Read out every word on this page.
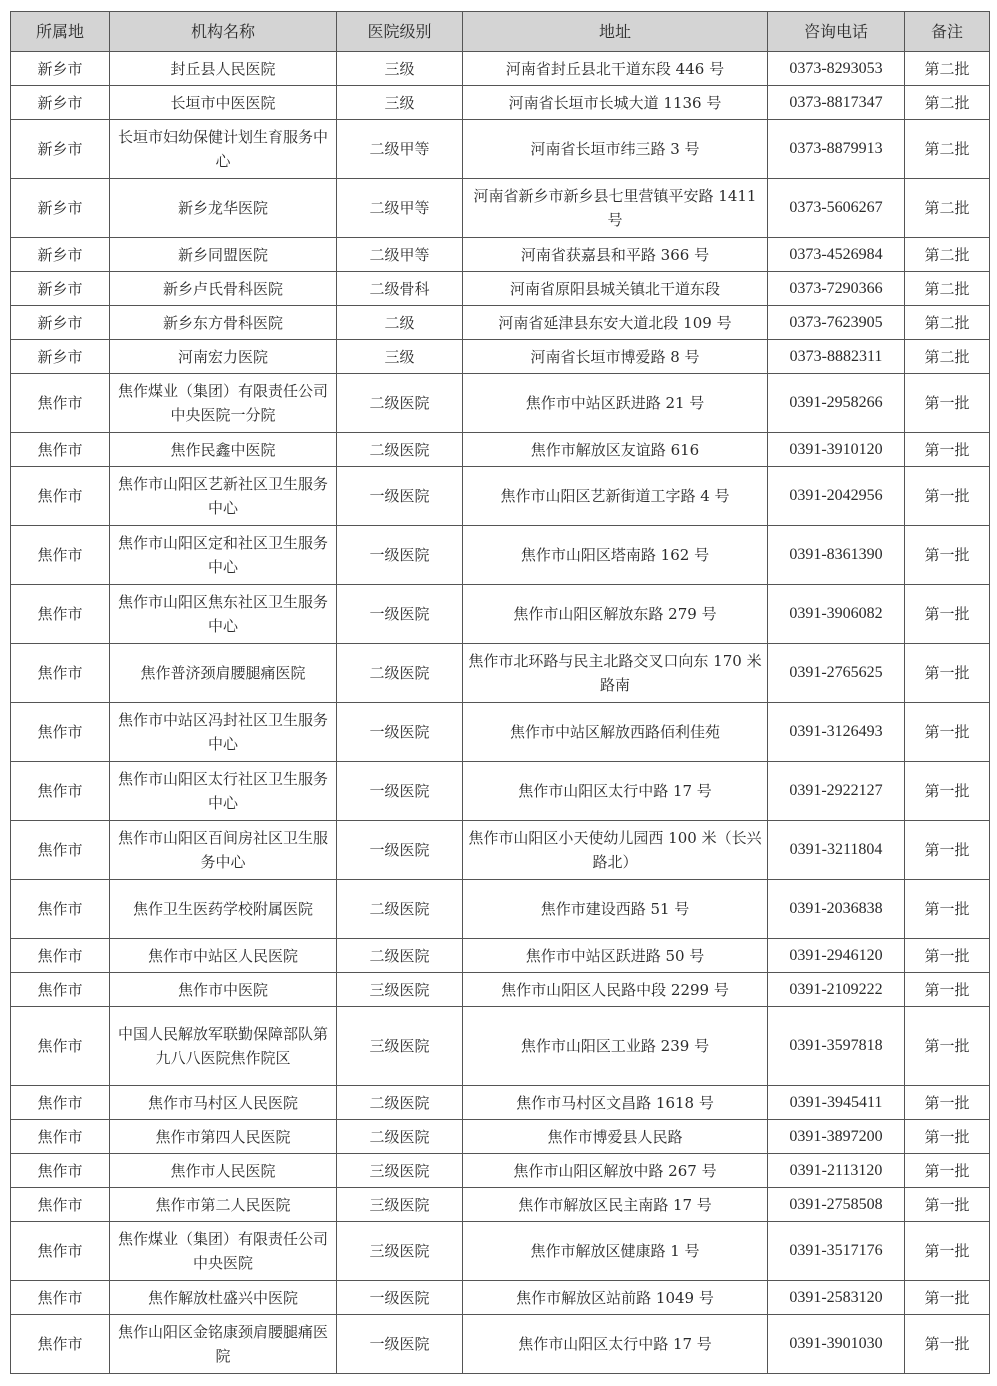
所属地	机构名称	医院级别	地址	咨询电话	备注
新乡市	封丘县人民医院	三级	河南省封丘县北干道东段 446 号	0373-8293053	第二批
新乡市	长垣市中医医院	三级	河南省长垣市长城大道 1136 号	0373-8817347	第二批
新乡市	长垣市妇幼保健计划生育服务中心	二级甲等	河南省长垣市纬三路 3 号	0373-8879913	第二批
新乡市	新乡龙华医院	二级甲等	河南省新乡市新乡县七里营镇平安路 1411 号	0373-5606267	第二批
新乡市	新乡同盟医院	二级甲等	河南省获嘉县和平路 366 号	0373-4526984	第二批
新乡市	新乡卢氏骨科医院	二级骨科	河南省原阳县城关镇北干道东段	0373-7290366	第二批
新乡市	新乡东方骨科医院	二级	河南省延津县东安大道北段 109 号	0373-7623905	第二批
新乡市	河南宏力医院	三级	河南省长垣市博爱路 8 号	0373-8882311	第二批
焦作市	焦作煤业（集团）有限责任公司中央医院一分院	二级医院	焦作市中站区跃进路 21 号	0391-2958266	第一批
焦作市	焦作民鑫中医院	二级医院	焦作市解放区友谊路 616	0391-3910120	第一批
焦作市	焦作市山阳区艺新社区卫生服务中心	一级医院	焦作市山阳区艺新街道工字路 4 号	0391-2042956	第一批
焦作市	焦作市山阳区定和社区卫生服务中心	一级医院	焦作市山阳区塔南路 162 号	0391-8361390	第一批
焦作市	焦作市山阳区焦东社区卫生服务中心	一级医院	焦作市山阳区解放东路 279 号	0391-3906082	第一批
焦作市	焦作普济颈肩腰腿痛医院	二级医院	焦作市北环路与民主北路交叉口向东 170 米路南	0391-2765625	第一批
焦作市	焦作市中站区冯封社区卫生服务中心	一级医院	焦作市中站区解放西路佰利佳苑	0391-3126493	第一批
焦作市	焦作市山阳区太行社区卫生服务中心	一级医院	焦作市山阳区太行中路 17 号	0391-2922127	第一批
焦作市	焦作市山阳区百间房社区卫生服务中心	一级医院	焦作市山阳区小天使幼儿园西 100 米（长兴路北）	0391-3211804	第一批
焦作市	焦作卫生医药学校附属医院	二级医院	焦作市建设西路 51 号	0391-2036838	第一批
焦作市	焦作市中站区人民医院	二级医院	焦作市中站区跃进路 50 号	0391-2946120	第一批
焦作市	焦作市中医院	三级医院	焦作市山阳区人民路中段 2299 号	0391-2109222	第一批
焦作市	中国人民解放军联勤保障部队第九八八医院焦作院区	三级医院	焦作市山阳区工业路 239 号	0391-3597818	第一批
焦作市	焦作市马村区人民医院	二级医院	焦作市马村区文昌路 1618 号	0391-3945411	第一批
焦作市	焦作市第四人民医院	二级医院	焦作市博爱县人民路	0391-3897200	第一批
焦作市	焦作市人民医院	三级医院	焦作市山阳区解放中路 267 号	0391-2113120	第一批
焦作市	焦作市第二人民医院	三级医院	焦作市解放区民主南路 17 号	0391-2758508	第一批
焦作市	焦作煤业（集团）有限责任公司中央医院	三级医院	焦作市解放区健康路 1 号	0391-3517176	第一批
焦作市	焦作解放杜盛兴中医院	一级医院	焦作市解放区站前路 1049 号	0391-2583120	第一批
焦作市	焦作山阳区金铭康颈肩腰腿痛医院	一级医院	焦作市山阳区太行中路 17 号	0391-3901030	第一批
